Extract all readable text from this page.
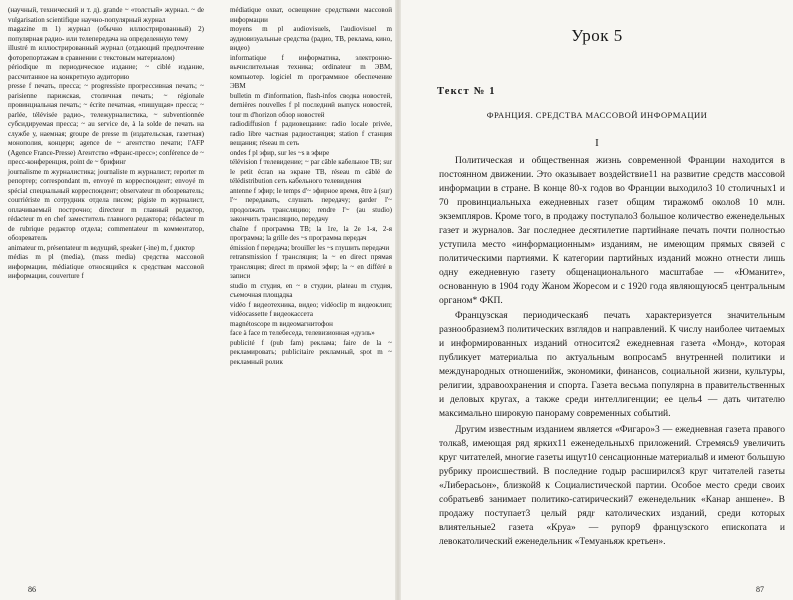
(научный, технический и т. д). grande ~ «толстый» журнал. ~ de vulgarisation scientifique научно-популярный журнал

magazine m 1) журнал (обычно иллюстрированный) 2) популярная радио- или телепередача на определенную тему

illustré m иллюстрированный журнал (отдающий предпочтение фоторепортажам в сравнении с текстовым материалом)

périodique m периодическое издание; ~ ciblé издание, рассчитанное на конкретную аудиторию

presse f печать, пресса; ~ progressiste прогрессивная печать; ~ parisienne парижская, столичная печать; ~ régionale провинциальная печать; ~ écrite печатная, «пишущая» пресса; ~ parlée, télévisée радио-, тележурналистика, ~ subventionnée субсидируемая пресса; ~ au service de, à la solde de печать на службе у, наемная; groupe de presse m (издательская, газетная) монополия, концерн; agence de ~ агентство печати; l'AFP (Agence France-Presse) Агентство «Франс-пресс»; conférence de ~ пресс-конференция, point de ~ брифинг

journalisme m журналистика; journaliste m журналист; reporter m репортер; correspondant m, envoyé m корреспондент; envoyé m spécial специальный корреспондент; observateur m обозреватель; courriériste m сотрудник отдела писем; pigiste m журналист, оплачиваемый построчно; directeur m главный редактор, rédacteur m en chef заместитель главного редактора; rédacteur m de rubrique редактор отдела; commentateur m комментатор, обозреватель

animateur m, présentateur m ведущий, speaker (-ine) m, f диктор

médias m pl (media), (mass media) средства массовой информации, médiatique относящийся к средствам массовой информации, couverture f

médiatique охват, освещение средствами массовой информации

moyens m pl audiovisuels, l'audiovisuel m аудиовизуальные средства (радио, ТВ, реклама, кино, видео)

informatique f информатика, электронно-вычислительная техника; ordinateur m ЭВМ, компьютер. logiciel m программное обеспечение ЭВМ

bulletin m d'information, flash-infos сводка новостей, dernières nouvelles f pl последний выпуск новостей, tour m d'horizon обзор новостей

radiodiffusion f радиовещание: radio locale privée, radio libre частная радиостанция; station f станция вещания; réseau m сеть

ondes f pl эфир, sur les ~s в эфире

télévision f телевидение; ~ par câble кабельное ТВ; sur le petit écran на экране ТВ, réseau m câblé de télédistribution сеть кабельного телевидения

antenne f эфир; le temps d'~ эфирное время, être à (sur) l'~ передавать, слушать передачу; garder l'~ продолжать трансляцию; rendre l'~ (au studio) закончить трансляцию, передачу

chaîne f программа ТВ; la 1re, la 2e 1-я, 2-я программа; la grille des ~s программа передач

émission f передача; brouiller les ~s глушить передачи

retransmission f трансляция; la ~ en direct прямая трансляция; direct m прямой эфир; la ~ en différé в записи

studio m студия, en ~ в студии, plateau m студия, съемочная площадка

vidéo f видеотехника, видео; vidéoclip m видеоклип; vidéocassette f видеокассета

magnétoscope m видеомагнитофон

face à face m телебеседа, телевизионная «дуэль»

publicité f (pub fam) реклама; faire de la ~ рекламировать; publicitaire рекламный, spot m ~ рекламный ролик

86
Урок 5
Текст № 1
ФРАНЦИЯ. СРЕДСТВА МАССОВОЙ ИНФОРМАЦИИ
I

Политическая и общественная жизнь современной Франции находится в постоянном движении. Это оказывает воздействие11 на развитие средств массовой информации в стране. В конце 80-х годов во Франции выходило3 10 столичных1 и 70 провинциальныхa ежедневных газет общим тиражомб около8 10 млн. экземпляров. Кроме того, в продажу поступало3 большое количество еженедельных газет и журналов. Заr последнее десятилетие партийнаяe печать почти полностью уступила место «информационным» изданиям, не имеющим прямых связей с политическими партиями. К категории партийных изданий можно отнести лишь одну ежедневную газету общенационального масштабаe — «Юманите», основанную в 1904 году Жаном Жоресом и с 1920 года являющуюся5 центральным органом* ФКП.

Французская периодическая6 печать характеризуется значительным разнообразием3 политических взглядов и направлений. К числу наиболее читаемых и информированных изданий относится2 ежедневная газета «Монд», которая публикует материалыa по актуальным вопросам5 внутренней политики и международных отношенийж, экономики, финансов, социальной жизни, культуры, религии, здравоохранения и спорта. Газета весьма популярна в правительственных и деловых кругах, а также среди интеллигенции; ее цель4 — дать читателю максимально широкую панораму современных событий.

Другим известным изданием является «Фигаро»3 — ежедневная газета правого толка8, имеющая ряд ярких11 еженедельных6 приложений. Стремясь9 увеличить круг читателей, многие газеты ищут10 сенсационные материалы8 и имеют большую рубрику происшествий. В последние годыp расширился3 круг читателей газеты «Либерасьон», близкой8 к Социалистической партии. Особое место среди своих собратьев6 занимает политико-сатирический7 еженедельник «Канар аншене». В продажу поступает3 целый рядr католических изданий, среди которых влиятельные2 газета «Круа» — рупор9 французского епископата и левокатолический еженедельник «Темуаньяж кретьен».

87
